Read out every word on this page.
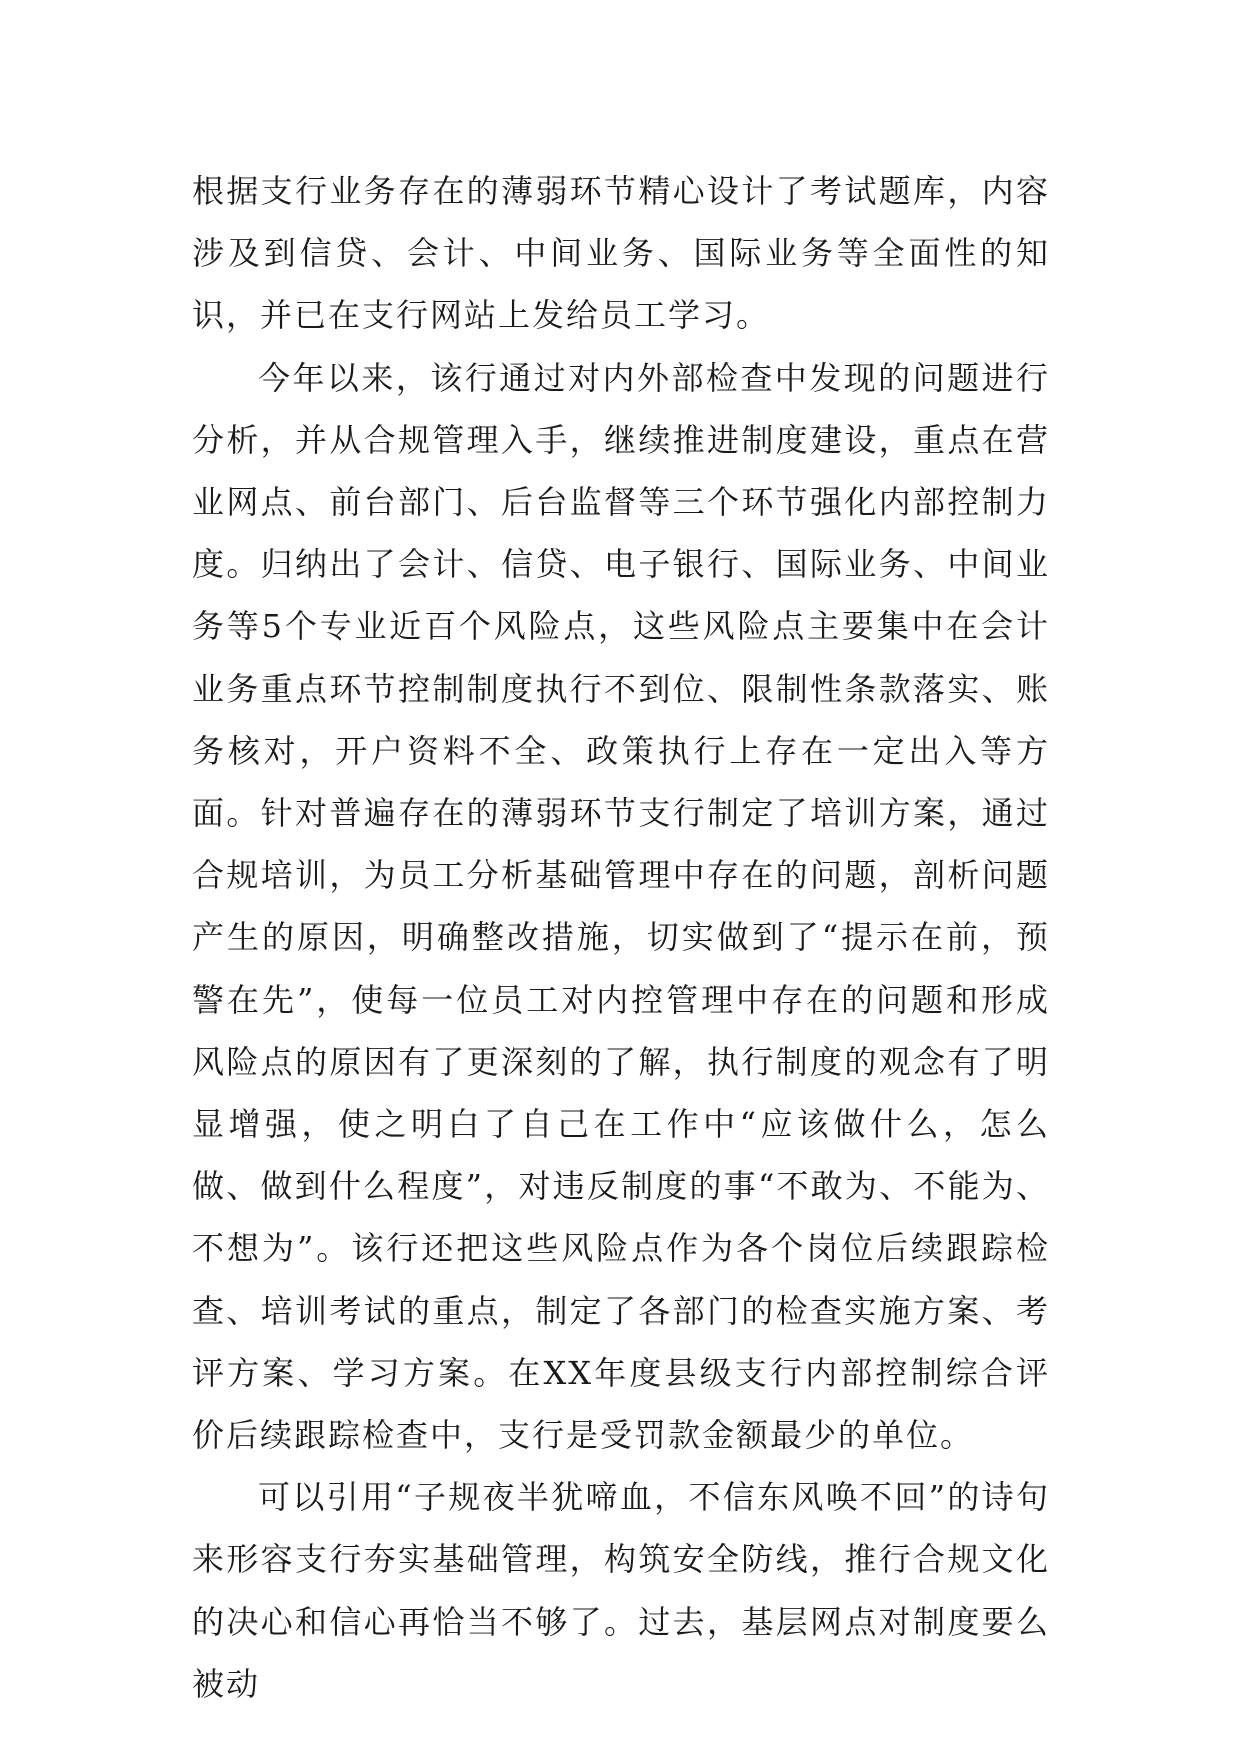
根据支行业务存在的薄弱环节精心设计了考试题库，内容涉及到信贷、会计、中间业务、国际业务等全面性的知识，并已在支行网站上发给员工学习。

今年以来，该行通过对内外部检查中发现的问题进行分析，并从合规管理入手，继续推进制度建设，重点在营业网点、前台部门、后台监督等三个环节强化内部控制力度。归纳出了会计、信贷、电子银行、国际业务、中间业务等5个专业近百个风险点，这些风险点主要集中在会计业务重点环节控制制度执行不到位、限制性条款落实、账务核对，开户资料不全、政策执行上存在一定出入等方面。针对普遍存在的薄弱环节支行制定了培训方案，通过合规培训，为员工分析基础管理中存在的问题，剖析问题产生的原因，明确整改措施，切实做到了“提示在前，预警在先”，使每一位员工对内控管理中存在的问题和形成风险点的原因有了更深刻的了解，执行制度的观念有了明显增强，使之明白了自己在工作中“应该做什么，怎么做、做到什么程度”，对违反制度的事“不敢为、不能为、不想为”。该行还把这些风险点作为各个岗位后续跟踪检查、培训考试的重点，制定了各部门的检查实施方案、考评方案、学习方案。在XX年度县级支行内部控制综合评价后续跟踪检查中，支行是受罚款金额最少的单位。

可以引用“子规夜半犹啼血，不信东风唤不回”的诗句来形容支行夯实基础管理，构筑安全防线，推行合规文化的决心和信心再恰当不够了。过去，基层网点对制度要么被动
